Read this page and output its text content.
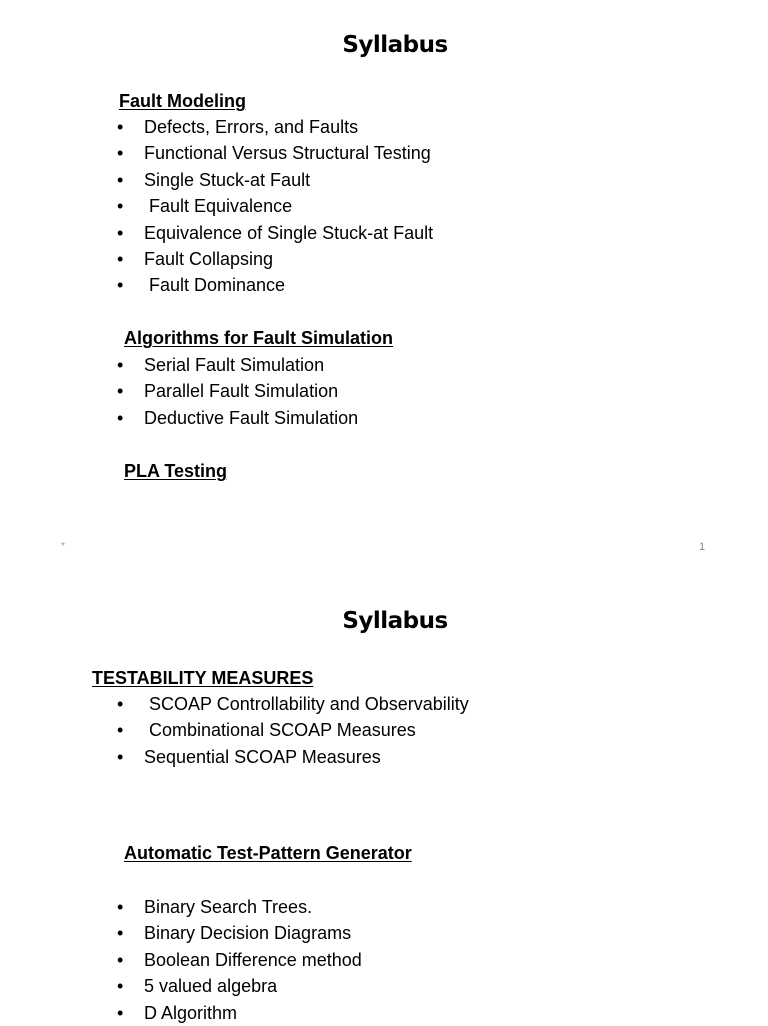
Syllabus
Fault Modeling
• Defects, Errors, and Faults
• Functional Versus Structural Testing
• Single Stuck-at Fault
• Fault Equivalence
• Equivalence of Single Stuck-at Fault
• Fault Collapsing
• Fault Dominance
Algorithms for Fault Simulation
• Serial Fault Simulation
• Parallel Fault Simulation
• Deductive Fault Simulation
PLA Testing
*	1
Syllabus
TESTABILITY MEASURES
• SCOAP Controllability and Observability
• Combinational SCOAP Measures
• Sequential SCOAP Measures
Automatic Test-Pattern Generator
• Binary Search Trees.
• Binary Decision Diagrams
• Boolean Difference method
• 5 valued algebra
• D Algorithm
